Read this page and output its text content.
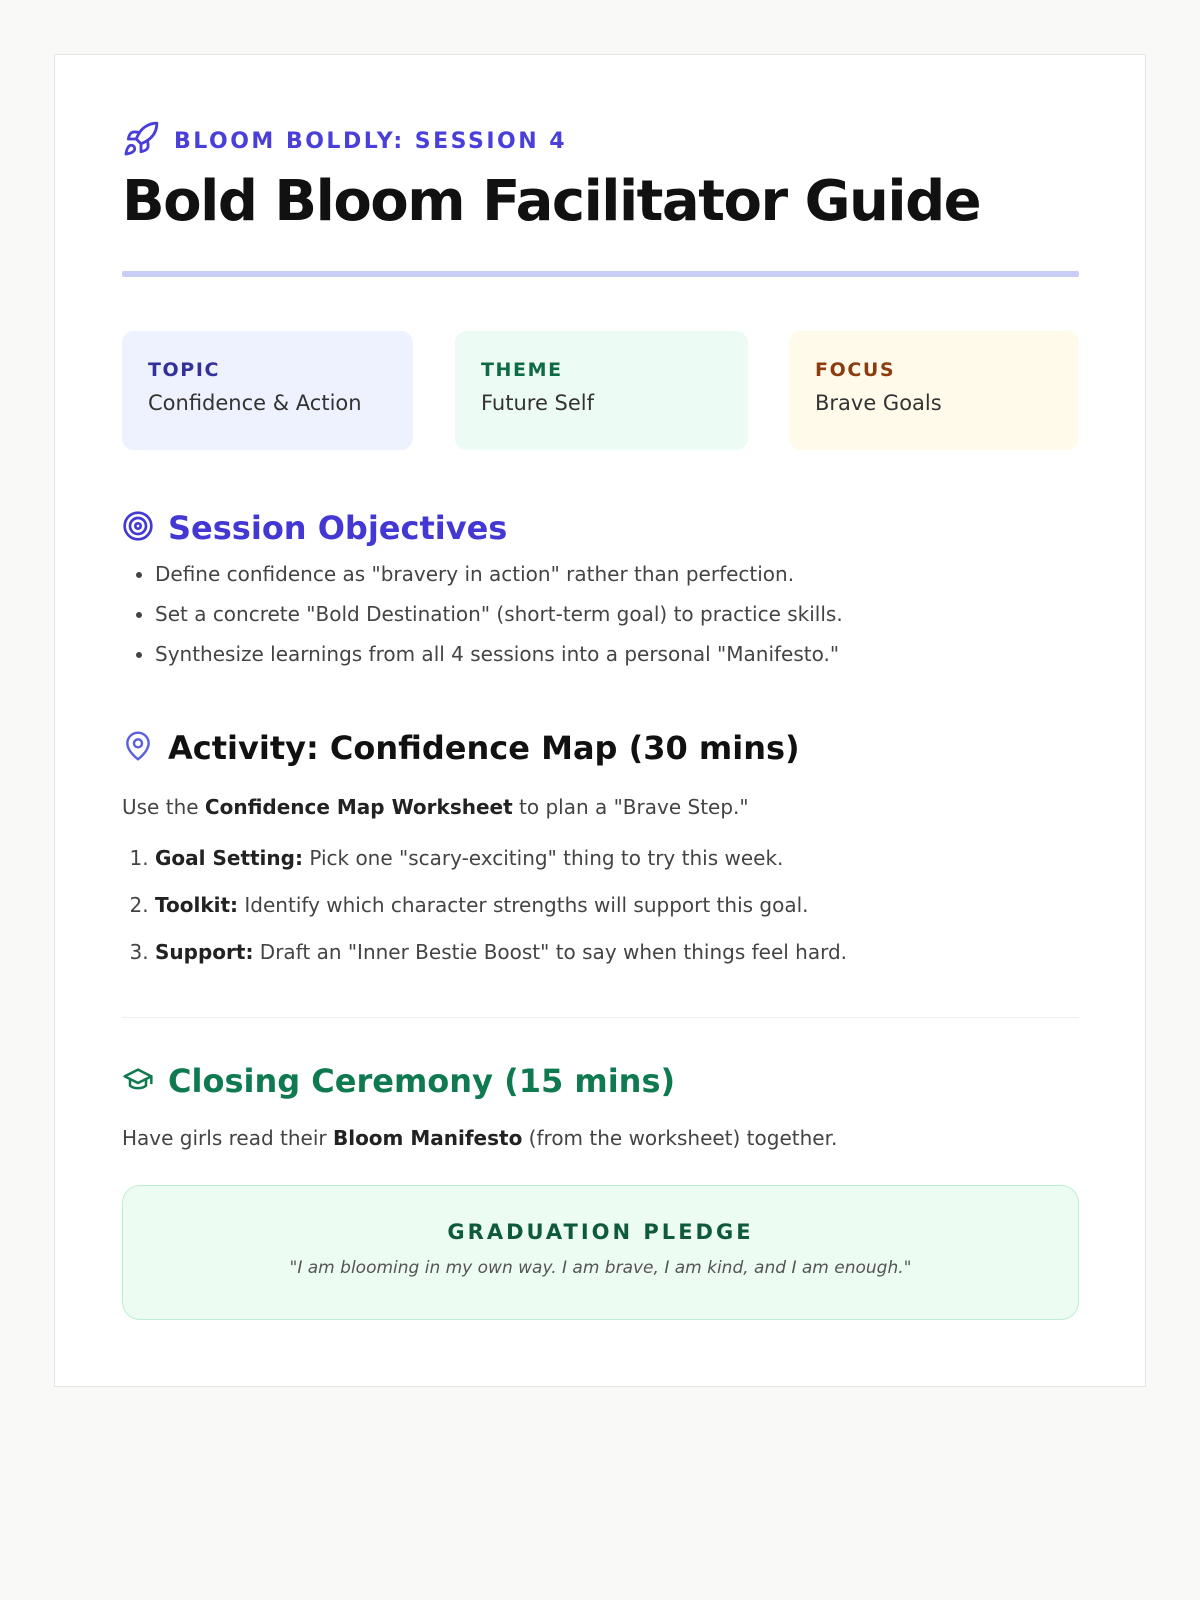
BLOOM BOLDLY: SESSION 4
Bold Bloom Facilitator Guide
TOPIC
Confidence & Action
THEME
Future Self
FOCUS
Brave Goals
Session Objectives
• Define confidence as "bravery in action" rather than perfection.
• Set a concrete "Bold Destination" (short-term goal) to practice skills.
• Synthesize learnings from all 4 sessions into a personal "Manifesto."
Activity: Confidence Map (30 mins)

Use the Confidence Map Worksheet to plan a "Brave Step."

1. Goal Setting: Pick one "scary-exciting" thing to try this week.
2. Toolkit: Identify which character strengths will support this goal.
3. Support: Draft an "Inner Bestie Boost" to say when things feel hard.
Closing Ceremony (15 mins)

Have girls read their Bloom Manifesto (from the worksheet) together.

GRADUATION PLEDGE
"I am blooming in my own way. I am brave, I am kind, and I am enough."
